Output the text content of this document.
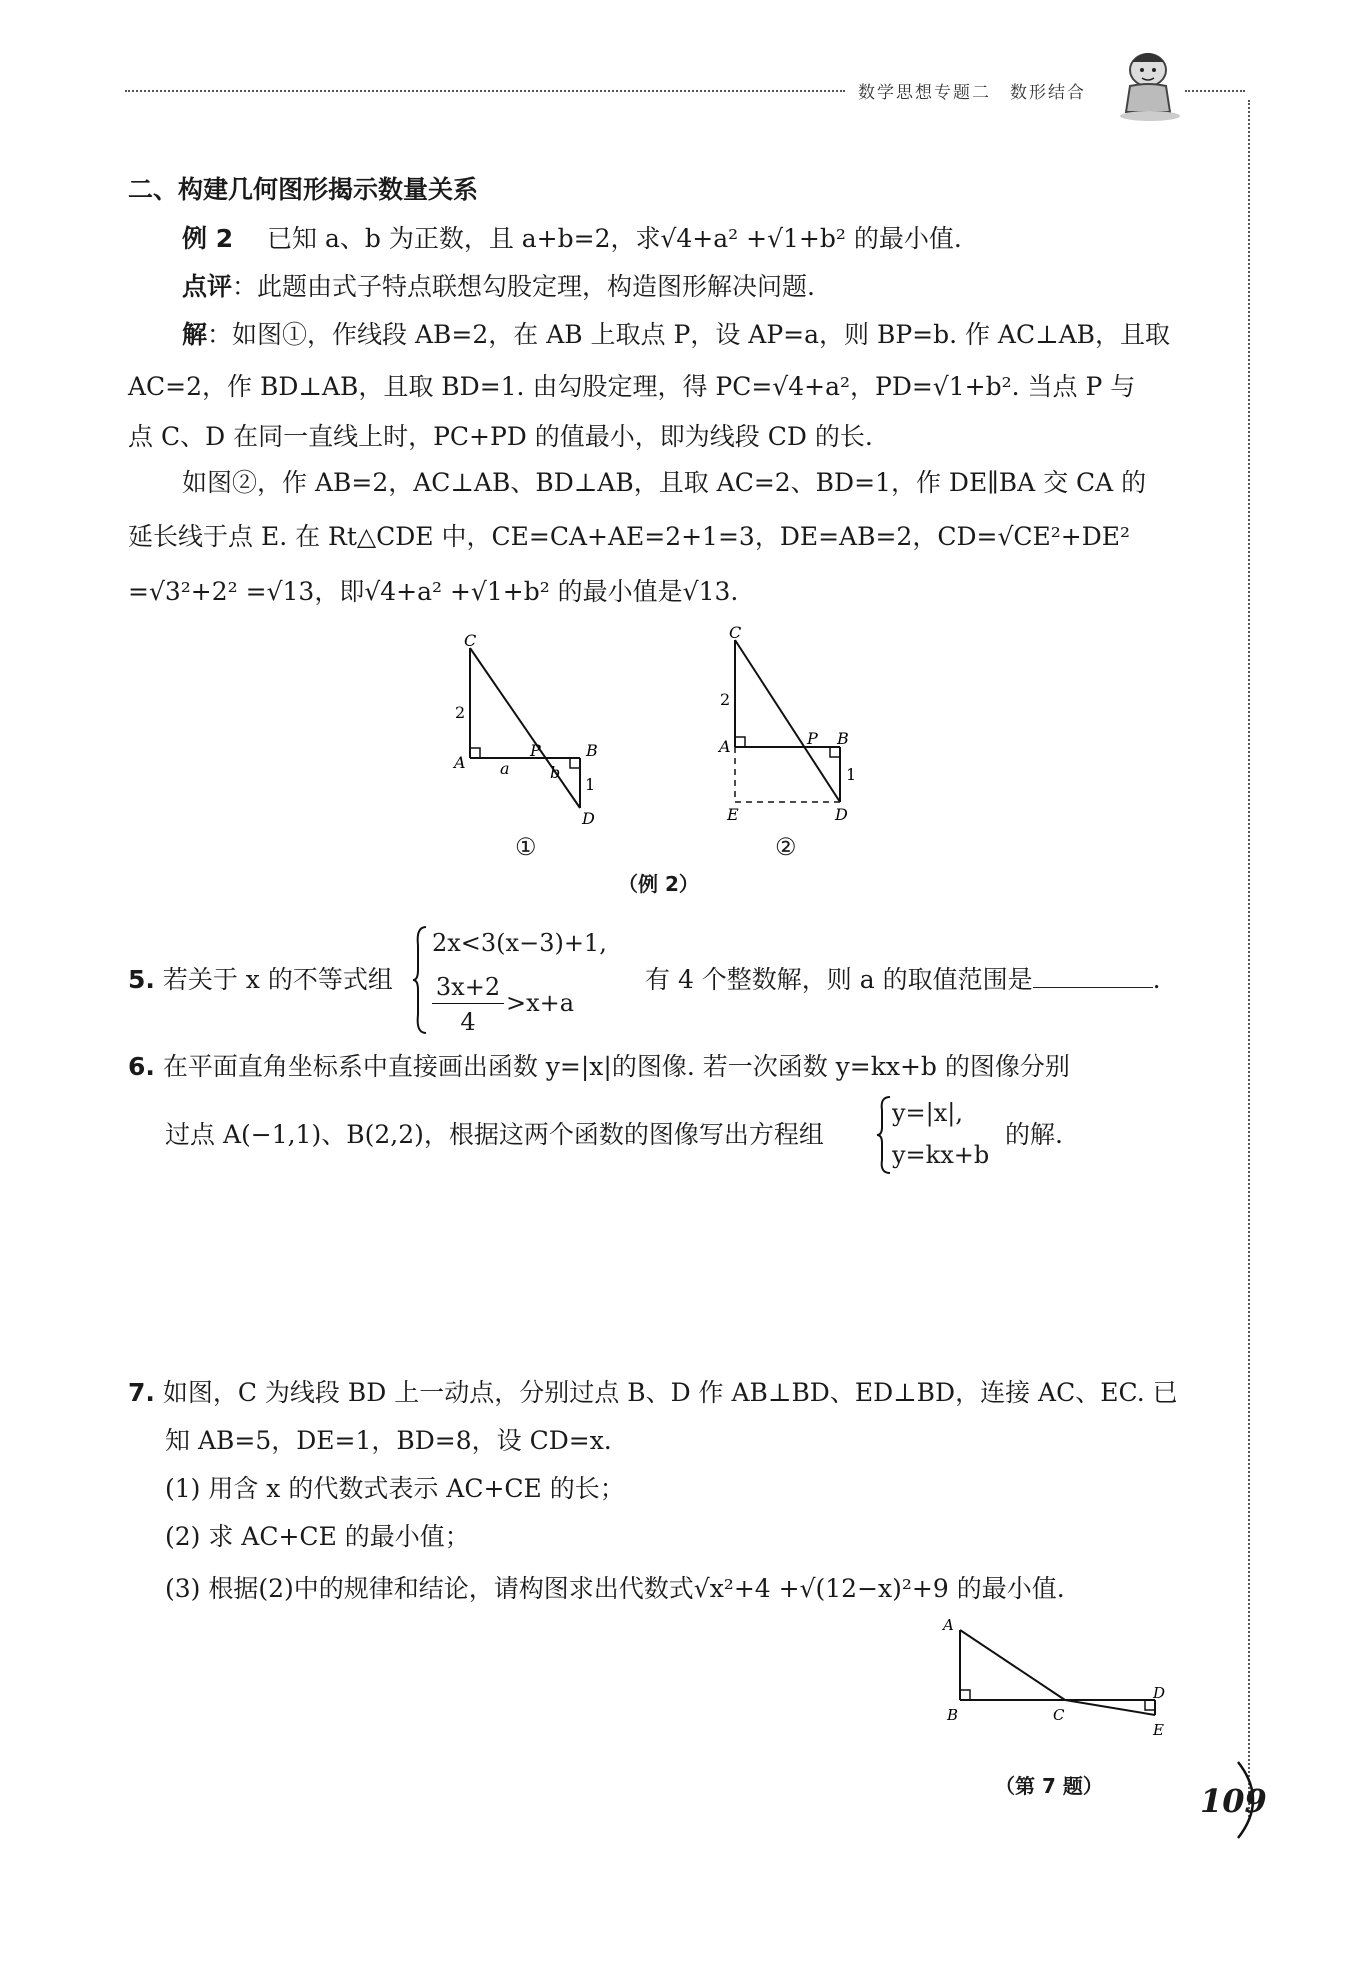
数学思想专题二　数形结合
二、构建几何图形揭示数量关系
例 2 已知 a、b 为正数，且 a+b=2，求√4+a² +√1+b² 的最小值.
点评：此题由式子特点联想勾股定理，构造图形解决问题.
解：如图①，作线段 AB=2，在 AB 上取点 P，设 AP=a，则 BP=b. 作 AC⊥AB，且取
AC=2，作 BD⊥AB，且取 BD=1. 由勾股定理，得 PC=√4+a²，PD=√1+b². 当点 P 与
点 C、D 在同一直线上时，PC+PD 的值最小，即为线段 CD 的长.
如图②，作 AB=2，AC⊥AB、BD⊥AB，且取 AC=2、BD=1，作 DE∥BA 交 CA 的
延长线于点 E. 在 Rt△CDE 中，CE=CA+AE=2+1=3，DE=AB=2，CD=√CE²+DE²
=√3²+2² =√13，即√4+a² +√1+b² 的最小值是√13.
C
2
A a
P
b
B
1
D
①
C
2
A	P B
1
E	D
②
（例 2）
5. 若关于 x 的不等式组
2x<3(x−3)+1,
3x+2
4
>x+a
有 4 个整数解，则 a 的取值范围是	.
6. 在平面直角坐标系中直接画出函数 y=|x|的图像. 若一次函数 y=kx+b 的图像分别
过点 A(−1,1)、B(2,2)，根据这两个函数的图像写出方程组
y=|x|,
y=kx+b
的解.
7. 如图，C 为线段 BD 上一动点，分别过点 B、D 作 AB⊥BD、ED⊥BD，连接 AC、EC. 已
知 AB=5，DE=1，BD=8，设 CD=x.
(1) 用含 x 的代数式表示 AC+CE 的长；
(2) 求 AC+CE 的最小值；
(3) 根据(2)中的规律和结论，请构图求出代数式√x²+4 +√(12−x)²+9 的最小值.
A
B	C
D
E
（第 7 题）	109
